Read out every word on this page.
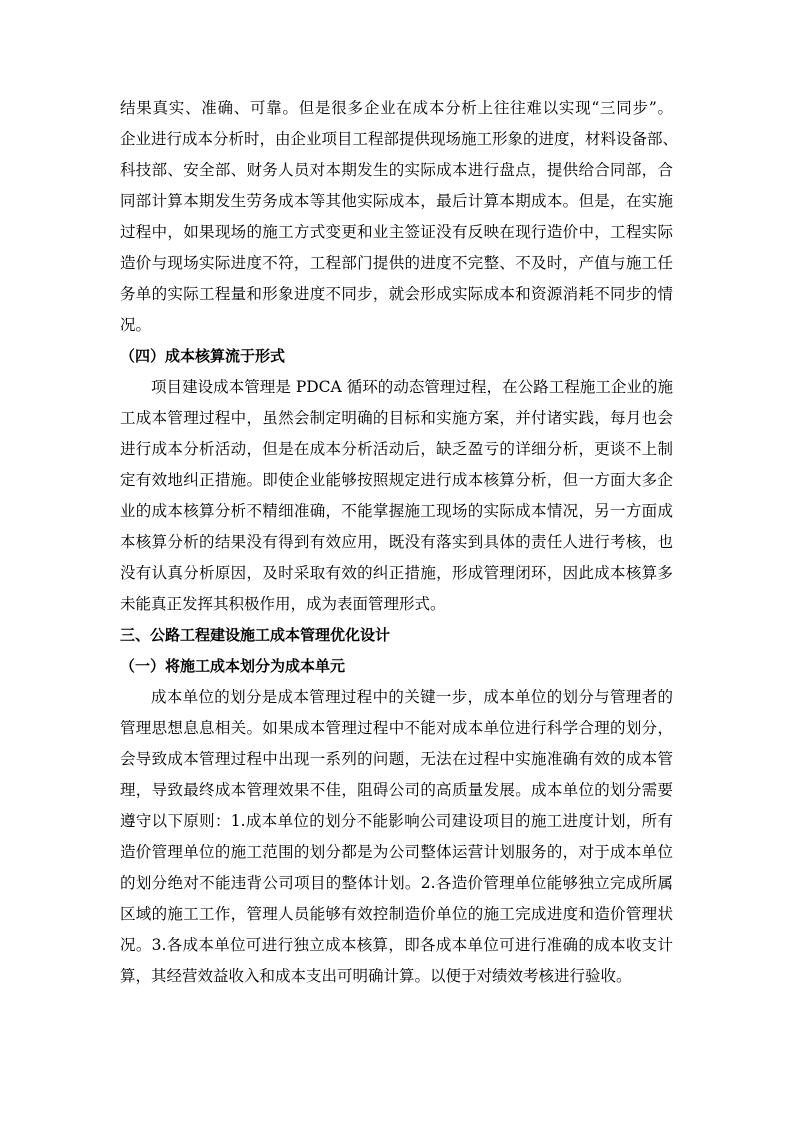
结果真实、准确、可靠。但是很多企业在成本分析上往往难以实现“三同步”。
企业进行成本分析时，由企业项目工程部提供现场施工形象的进度，材料设备部、
科技部、安全部、财务人员对本期发生的实际成本进行盘点，提供给合同部，合
同部计算本期发生劳务成本等其他实际成本，最后计算本期成本。但是，在实施
过程中，如果现场的施工方式变更和业主签证没有反映在现行造价中，工程实际
造价与现场实际进度不符，工程部门提供的进度不完整、不及时，产值与施工任
务单的实际工程量和形象进度不同步，就会形成实际成本和资源消耗不同步的情
况。
（四）成本核算流于形式
项目建设成本管理是 PDCA 循环的动态管理过程，在公路工程施工企业的施
工成本管理过程中，虽然会制定明确的目标和实施方案，并付诸实践，每月也会
进行成本分析活动，但是在成本分析活动后，缺乏盈亏的详细分析，更谈不上制
定有效地纠正措施。即使企业能够按照规定进行成本核算分析，但一方面大多企
业的成本核算分析不精细准确，不能掌握施工现场的实际成本情况，另一方面成
本核算分析的结果没有得到有效应用，既没有落实到具体的责任人进行考核，也
没有认真分析原因，及时采取有效的纠正措施，形成管理闭环，因此成本核算多
未能真正发挥其积极作用，成为表面管理形式。
三、公路工程建设施工成本管理优化设计
（一）将施工成本划分为成本单元
成本单位的划分是成本管理过程中的关键一步，成本单位的划分与管理者的
管理思想息息相关。如果成本管理过程中不能对成本单位进行科学合理的划分，
会导致成本管理过程中出现一系列的问题，无法在过程中实施准确有效的成本管
理，导致最终成本管理效果不佳，阻碍公司的高质量发展。成本单位的划分需要
遵守以下原则：1.成本单位的划分不能影响公司建设项目的施工进度计划，所有
造价管理单位的施工范围的划分都是为公司整体运营计划服务的，对于成本单位
的划分绝对不能违背公司项目的整体计划。2.各造价管理单位能够独立完成所属
区域的施工工作，管理人员能够有效控制造价单位的施工完成进度和造价管理状
况。3.各成本单位可进行独立成本核算，即各成本单位可进行准确的成本收支计
算，其经营效益收入和成本支出可明确计算。以便于对绩效考核进行验收。
